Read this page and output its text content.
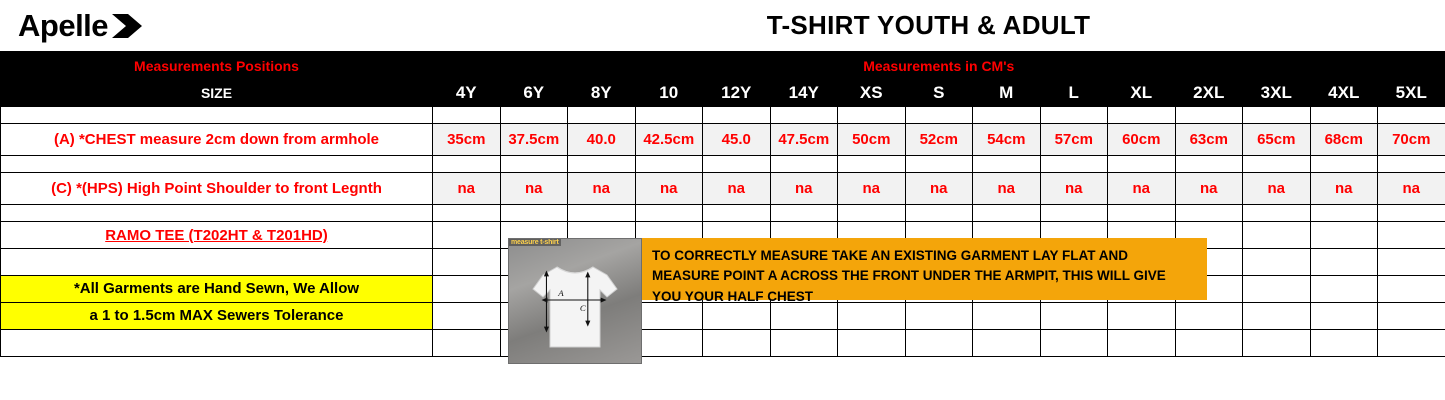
Apelle	T-SHIRT YOUTH & ADULT
Measurements Positions	Measurements in CM's														
SIZE	4Y	6Y	8Y	10	12Y	14Y	XS	S	M	L	XL	2XL	3XL	4XL	5XL

(A) *CHEST measure 2cm down from armhole	35cm	37.5cm	40.0	42.5cm	45.0	47.5cm	50cm	52cm	54cm	57cm	60cm	63cm	65cm	68cm	70cm

(C) *(HPS) High Point Shoulder to front Legnth	na	na	na	na	na	na	na	na	na	na	na	na	na	na	na

RAMO TEE (T202HT & T201HD)															

*All Garments are Hand Sewn, We Allow															
a 1 to 1.5cm MAX Sewers Tolerance															

measure t-shirt
A
C
TO CORRECTLY MEASURE TAKE AN EXISTING GARMENT LAY FLAT AND MEASURE POINT A ACROSS THE FRONT UNDER THE ARMPIT, THIS WILL GIVE YOU YOUR HALF CHEST
